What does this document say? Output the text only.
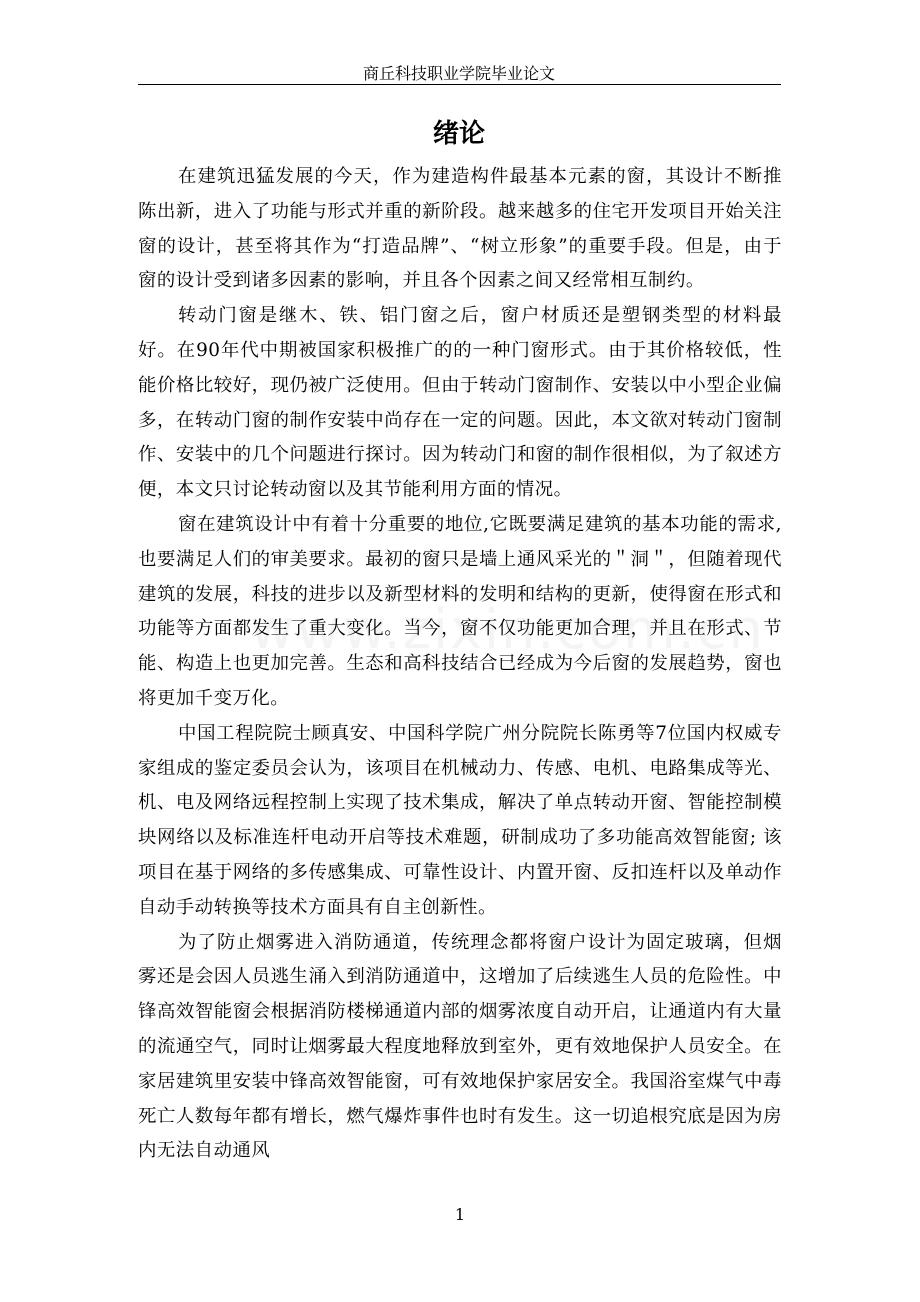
商丘科技职业学院毕业论文
绪论

在建筑迅猛发展的今天，作为建造构件最基本元素的窗，其设计不断推陈出新，进入了功能与形式并重的新阶段。越来越多的住宅开发项目开始关注窗的设计，甚至将其作为“打造品牌”、“树立形象”的重要手段。但是，由于窗的设计受到诸多因素的影响，并且各个因素之间又经常相互制约。

转动门窗是继木、铁、铝门窗之后，窗户材质还是塑钢类型的材料最好。在90年代中期被国家积极推广的的一种门窗形式。由于其价格较低，性能价格比较好，现仍被广泛使用。但由于转动门窗制作、安装以中小型企业偏多，在转动门窗的制作安装中尚存在一定的问题。因此，本文欲对转动门窗制作、安装中的几个问题进行探讨。因为转动门和窗的制作很相似，为了叙述方便，本文只讨论转动窗以及其节能利用方面的情况。

窗在建筑设计中有着十分重要的地位,它既要满足建筑的基本功能的需求,也要满足人们的审美要求。最初的窗只是墙上通风采光的＂洞＂，但随着现代建筑的发展，科技的进步以及新型材料的发明和结构的更新，使得窗在形式和功能等方面都发生了重大变化。当今，窗不仅功能更加合理，并且在形式、节能、构造上也更加完善。生态和高科技结合已经成为今后窗的发展趋势，窗也将更加千变万化。

中国工程院院士顾真安、中国科学院广州分院院长陈勇等7位国内权威专家组成的鉴定委员会认为，该项目在机械动力、传感、电机、电路集成等光、机、电及网络远程控制上实现了技术集成，解决了单点转动开窗、智能控制模块网络以及标准连杆电动开启等技术难题，研制成功了多功能高效智能窗; 该项目在基于网络的多传感集成、可靠性设计、内置开窗、反扣连杆以及单动作自动手动转换等技术方面具有自主创新性。

为了防止烟雾进入消防通道，传统理念都将窗户设计为固定玻璃，但烟雾还是会因人员逃生涌入到消防通道中，这增加了后续逃生人员的危险性。中锋高效智能窗会根据消防楼梯通道内部的烟雾浓度自动开启，让通道内有大量的流通空气，同时让烟雾最大程度地释放到室外，更有效地保护人员安全。在家居建筑里安装中锋高效智能窗，可有效地保护家居安全。我国浴室煤气中毒死亡人数每年都有增长，燃气爆炸事件也时有发生。这一切追根究底是因为房内无法自动通风

1
